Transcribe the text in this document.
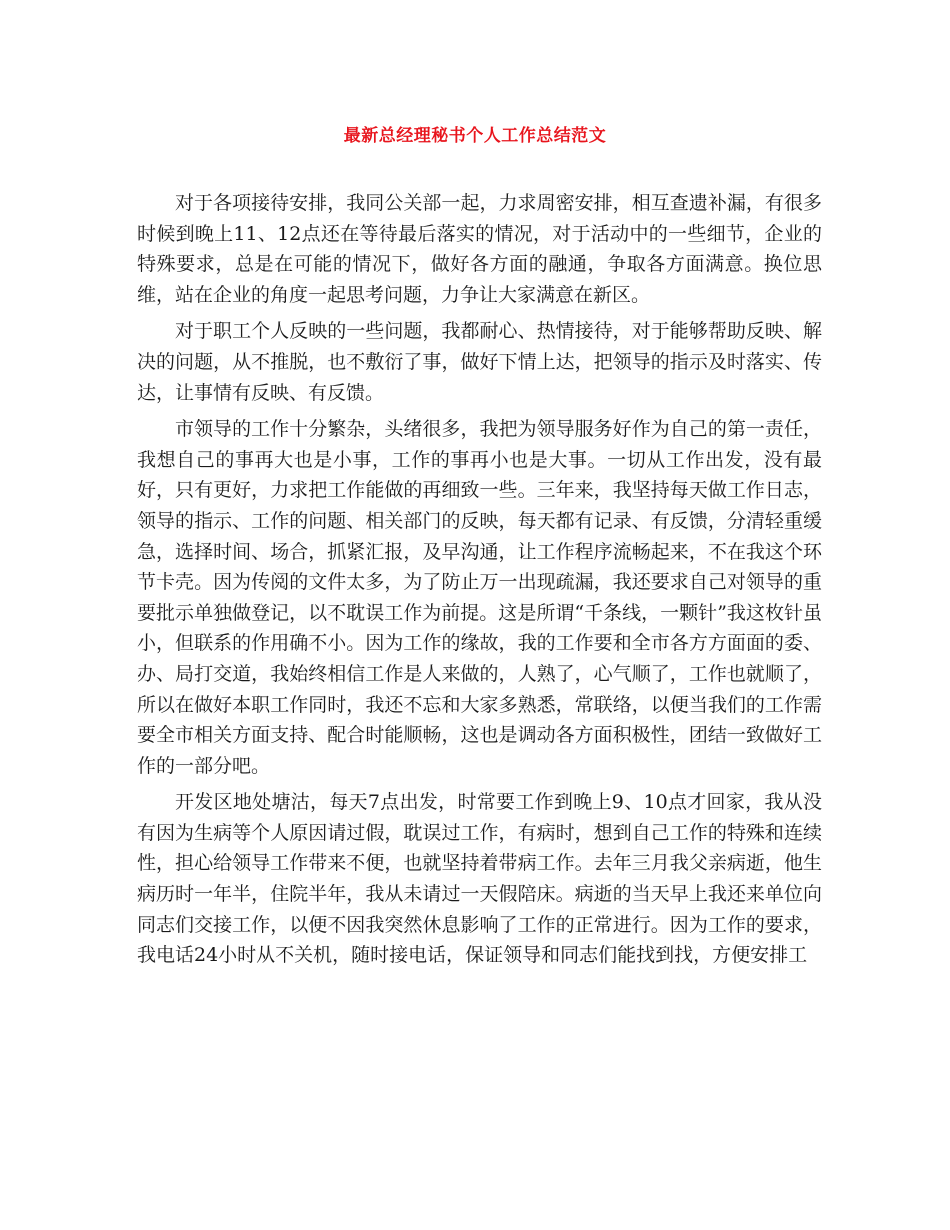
最新总经理秘书个人工作总结范文

对于各项接待安排，我同公关部一起，力求周密安排，相互查遗补漏，有很多时候到晚上11、12点还在等待最后落实的情况，对于活动中的一些细节，企业的特殊要求，总是在可能的情况下，做好各方面的融通，争取各方面满意。换位思维，站在企业的角度一起思考问题，力争让大家满意在新区。

对于职工个人反映的一些问题，我都耐心、热情接待，对于能够帮助反映、解决的问题，从不推脱，也不敷衍了事，做好下情上达，把领导的指示及时落实、传达，让事情有反映、有反馈。

市领导的工作十分繁杂，头绪很多，我把为领导服务好作为自己的第一责任，我想自己的事再大也是小事，工作的事再小也是大事。一切从工作出发，没有最好，只有更好，力求把工作能做的再细致一些。三年来，我坚持每天做工作日志，领导的指示、工作的问题、相关部门的反映，每天都有记录、有反馈，分清轻重缓急，选择时间、场合，抓紧汇报，及早沟通，让工作程序流畅起来，不在我这个环节卡壳。因为传阅的文件太多，为了防止万一出现疏漏，我还要求自己对领导的重要批示单独做登记，以不耽误工作为前提。这是所谓“千条线，一颗针”我这枚针虽小，但联系的作用确不小。因为工作的缘故，我的工作要和全市各方方面面的委、办、局打交道，我始终相信工作是人来做的，人熟了，心气顺了，工作也就顺了，所以在做好本职工作同时，我还不忘和大家多熟悉，常联络，以便当我们的工作需要全市相关方面支持、配合时能顺畅，这也是调动各方面积极性，团结一致做好工作的一部分吧。

开发区地处塘沽，每天7点出发，时常要工作到晚上9、10点才回家，我从没有因为生病等个人原因请过假，耽误过工作，有病时，想到自己工作的特殊和连续性，担心给领导工作带来不便，也就坚持着带病工作。去年三月我父亲病逝，他生病历时一年半，住院半年，我从未请过一天假陪床。病逝的当天早上我还来单位向同志们交接工作，以便不因我突然休息影响了工作的正常进行。因为工作的要求，我电话24小时从不关机，随时接电话，保证领导和同志们能找到找，方便安排工
